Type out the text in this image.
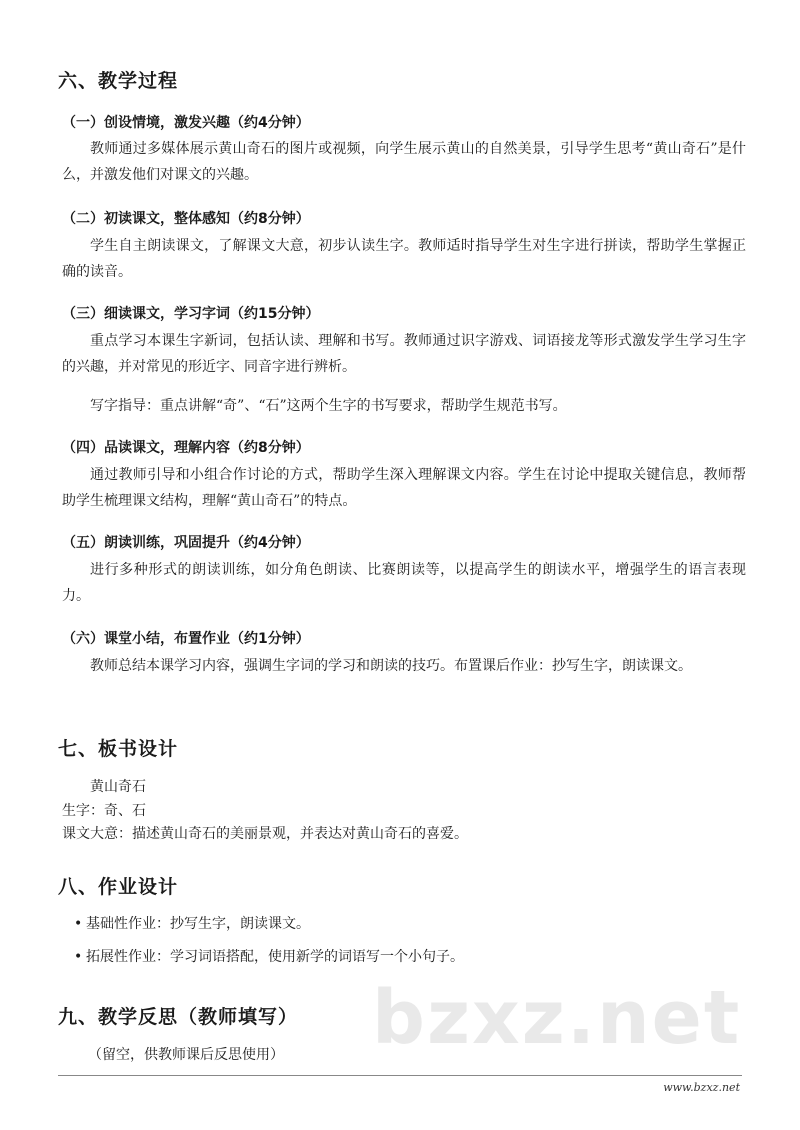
六、教学过程
（一）创设情境，激发兴趣（约4分钟）
教师通过多媒体展示黄山奇石的图片或视频，向学生展示黄山的自然美景，引导学生思考“黄山奇石”是什么，并激发他们对课文的兴趣。
（二）初读课文，整体感知（约8分钟）
学生自主朗读课文，了解课文大意，初步认读生字。教师适时指导学生对生字进行拼读，帮助学生掌握正确的读音。
（三）细读课文，学习字词（约15分钟）
重点学习本课生字新词，包括认读、理解和书写。教师通过识字游戏、词语接龙等形式激发学生学习生字的兴趣，并对常见的形近字、同音字进行辨析。
写字指导：重点讲解“奇”、“石”这两个生字的书写要求，帮助学生规范书写。
（四）品读课文，理解内容（约8分钟）
通过教师引导和小组合作讨论的方式，帮助学生深入理解课文内容。学生在讨论中提取关键信息，教师帮助学生梳理课文结构，理解“黄山奇石”的特点。
（五）朗读训练，巩固提升（约4分钟）
进行多种形式的朗读训练，如分角色朗读、比赛朗读等，以提高学生的朗读水平，增强学生的语言表现力。
（六）课堂小结，布置作业（约1分钟）
教师总结本课学习内容，强调生字词的学习和朗读的技巧。布置课后作业：抄写生字，朗读课文。
七、板书设计
黄山奇石
生字：奇、石
课文大意：描述黄山奇石的美丽景观，并表达对黄山奇石的喜爱。
八、作业设计
• 基础性作业：抄写生字，朗读课文。
• 拓展性作业：学习词语搭配，使用新学的词语写一个小句子。
九、教学反思（教师填写）
（留空，供教师课后反思使用） bzxz.net
www.bzxz.net
